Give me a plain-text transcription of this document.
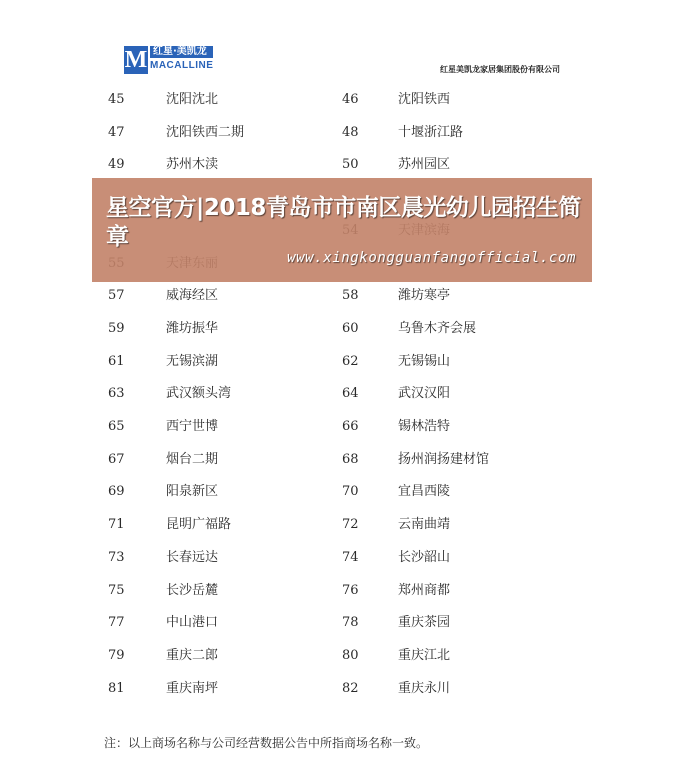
M 红星·美凯龙
MACALLINE	红星美凯龙家居集团股份有限公司
45	沈阳沈北	46	沈阳铁西
47	沈阳铁西二期	48	十堰浙江路
49	苏州木渎	50	苏州园区
57	威海经区	58	潍坊寒亭
59	潍坊振华	60	乌鲁木齐会展
61	无锡滨湖	62	无锡锡山
63	武汉额头湾	64	武汉汉阳
65	西宁世博	66	锡林浩特
67	烟台二期	68	扬州润扬建材馆
69	阳泉新区	70	宜昌西陵
71	昆明广福路	72	云南曲靖
73	长春远达	74	长沙韶山
75	长沙岳麓	76	郑州商都
77	中山港口	78	重庆茶园
79	重庆二郎	80	重庆江北
81	重庆南坪	82	重庆永川
注：以上商场名称与公司经营数据公告中所指商场名称一致。
星空官方|2018青岛市市南区晨光幼儿园招生简章
www.xingkongguanfangofficial.com
